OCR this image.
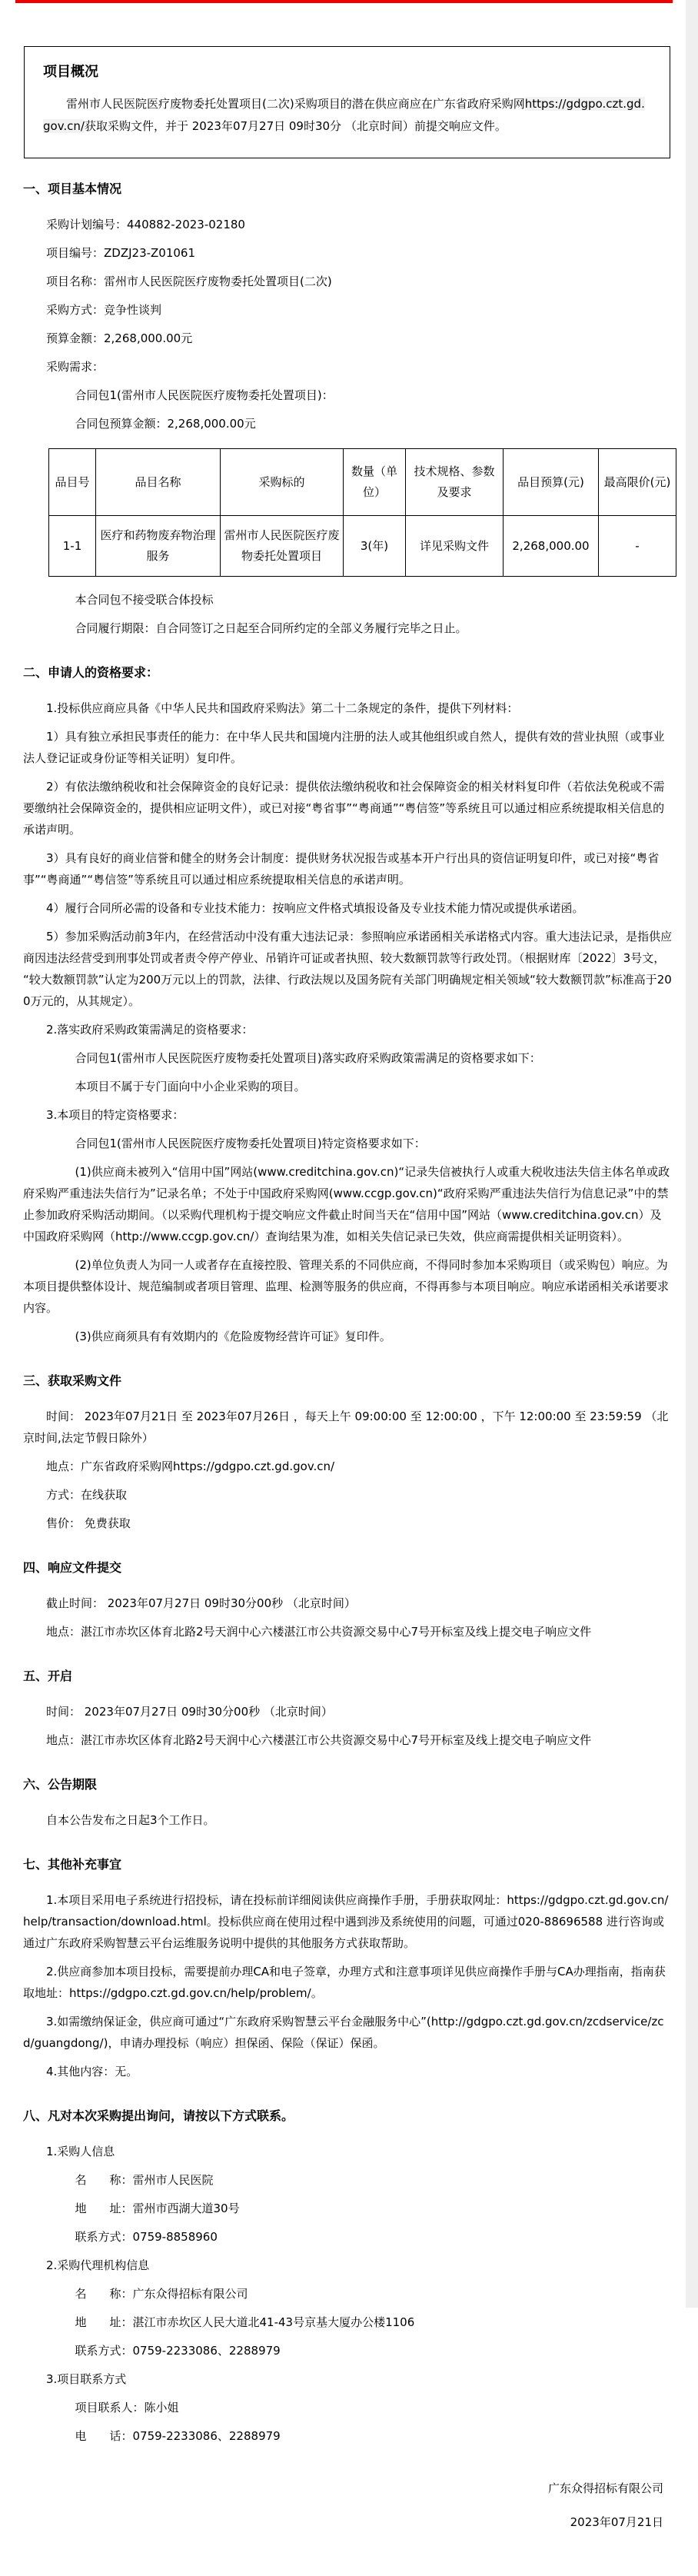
项目概况

雷州市人民医院医疗废物委托处置项目(二次)采购项目的潜在供应商应在广东省政府采购网https://gdgpo.czt.gd.gov.cn/获取采购文件，并于 2023年07月27日 09时30分 （北京时间）前提交响应文件。

一、项目基本情况

采购计划编号：440882-2023-02180

项目编号：ZDZJ23-Z01061

项目名称：雷州市人民医院医疗废物委托处置项目(二次)

采购方式：竞争性谈判

预算金额：2,268,000.00元

采购需求：

合同包1(雷州市人民医院医疗废物委托处置项目)：

合同包预算金额：2,268,000.00元

品目号	品目名称	采购标的	数量（单位）	技术规格、参数及要求	品目预算(元)	最高限价(元)
1-1	医疗和药物废弃物治理服务	雷州市人民医院医疗废物委托处置项目	3(年)	详见采购文件	2,268,000.00	-

本合同包不接受联合体投标

合同履行期限：自合同签订之日起至合同所约定的全部义务履行完毕之日止。

二、申请人的资格要求：

1.投标供应商应具备《中华人民共和国政府采购法》第二十二条规定的条件，提供下列材料：

1）具有独立承担民事责任的能力：在中华人民共和国境内注册的法人或其他组织或自然人，提供有效的营业执照（或事业法人登记证或身份证等相关证明）复印件。

2）有依法缴纳税收和社会保障资金的良好记录：提供依法缴纳税收和社会保障资金的相关材料复印件（若依法免税或不需要缴纳社会保障资金的，提供相应证明文件），或已对接“粤省事”“粤商通”“粤信签”等系统且可以通过相应系统提取相关信息的承诺声明。

3）具有良好的商业信誉和健全的财务会计制度：提供财务状况报告或基本开户行出具的资信证明复印件，或已对接“粤省事”“粤商通”“粤信签”等系统且可以通过相应系统提取相关信息的承诺声明。

4）履行合同所必需的设备和专业技术能力：按响应文件格式填报设备及专业技术能力情况或提供承诺函。

5）参加采购活动前3年内，在经营活动中没有重大违法记录：参照响应承诺函相关承诺格式内容。重大违法记录，是指供应商因违法经营受到刑事处罚或者责令停产停业、吊销许可证或者执照、较大数额罚款等行政处罚。（根据财库〔2022〕3号文，“较大数额罚款”认定为200万元以上的罚款，法律、行政法规以及国务院有关部门明确规定相关领域“较大数额罚款”标准高于200万元的，从其规定）。

2.落实政府采购政策需满足的资格要求：

合同包1(雷州市人民医院医疗废物委托处置项目)落实政府采购政策需满足的资格要求如下：

本项目不属于专门面向中小企业采购的项目。

3.本项目的特定资格要求：

合同包1(雷州市人民医院医疗废物委托处置项目)特定资格要求如下：

(1)供应商未被列入“信用中国”网站(www.creditchina.gov.cn)“记录失信被执行人或重大税收违法失信主体名单或政府采购严重违法失信行为”记录名单；不处于中国政府采购网(www.ccgp.gov.cn)“政府采购严重违法失信行为信息记录”中的禁止参加政府采购活动期间。（以采购代理机构于提交响应文件截止时间当天在“信用中国”网站（www.creditchina.gov.cn）及中国政府采购网（http://www.ccgp.gov.cn/）查询结果为准，如相关失信记录已失效，供应商需提供相关证明资料）。

(2)单位负责人为同一人或者存在直接控股、管理关系的不同供应商，不得同时参加本采购项目（或采购包）响应。为本项目提供整体设计、规范编制或者项目管理、监理、检测等服务的供应商，不得再参与本项目响应。响应承诺函相关承诺要求内容。

(3)供应商须具有有效期内的《危险废物经营许可证》复印件。

三、获取采购文件

时间： 2023年07月21日 至 2023年07月26日 ，每天上午 09:00:00 至 12:00:00 ，下午 12:00:00 至 23:59:59 （北京时间,法定节假日除外）

地点：广东省政府采购网https://gdgpo.czt.gd.gov.cn/

方式：在线获取

售价： 免费获取

四、响应文件提交

截止时间： 2023年07月27日 09时30分00秒 （北京时间）

地点：湛江市赤坎区体育北路2号天润中心六楼湛江市公共资源交易中心7号开标室及线上提交电子响应文件

五、开启

时间： 2023年07月27日 09时30分00秒 （北京时间）

地点：湛江市赤坎区体育北路2号天润中心六楼湛江市公共资源交易中心7号开标室及线上提交电子响应文件

六、公告期限

自本公告发布之日起3个工作日。

七、其他补充事宜

1.本项目采用电子系统进行招投标，请在投标前详细阅读供应商操作手册，手册获取网址：https://gdgpo.czt.gd.gov.cn/help/transaction/download.html。投标供应商在使用过程中遇到涉及系统使用的问题，可通过020-88696588 进行咨询或通过广东政府采购智慧云平台运维服务说明中提供的其他服务方式获取帮助。

2.供应商参加本项目投标，需要提前办理CA和电子签章，办理方式和注意事项详见供应商操作手册与CA办理指南，指南获取地址：https://gdgpo.czt.gd.gov.cn/help/problem/。

3.如需缴纳保证金，供应商可通过“广东政府采购智慧云平台金融服务中心”(http://gdgpo.czt.gd.gov.cn/zcdservice/zcd/guangdong/)，申请办理投标（响应）担保函、保险（保证）保函。

4.其他内容：无。

八、凡对本次采购提出询问，请按以下方式联系。

1.采购人信息

名　　称：雷州市人民医院

地　　址：雷州市西湖大道30号

联系方式：0759-8858960

2.采购代理机构信息

名　　称：广东众得招标有限公司

地　　址：湛江市赤坎区人民大道北41-43号京基大厦办公楼1106

联系方式：0759-2233086、2288979

3.项目联系方式

项目联系人：陈小姐

电　　话：0759-2233086、2288979

广东众得招标有限公司

2023年07月21日
